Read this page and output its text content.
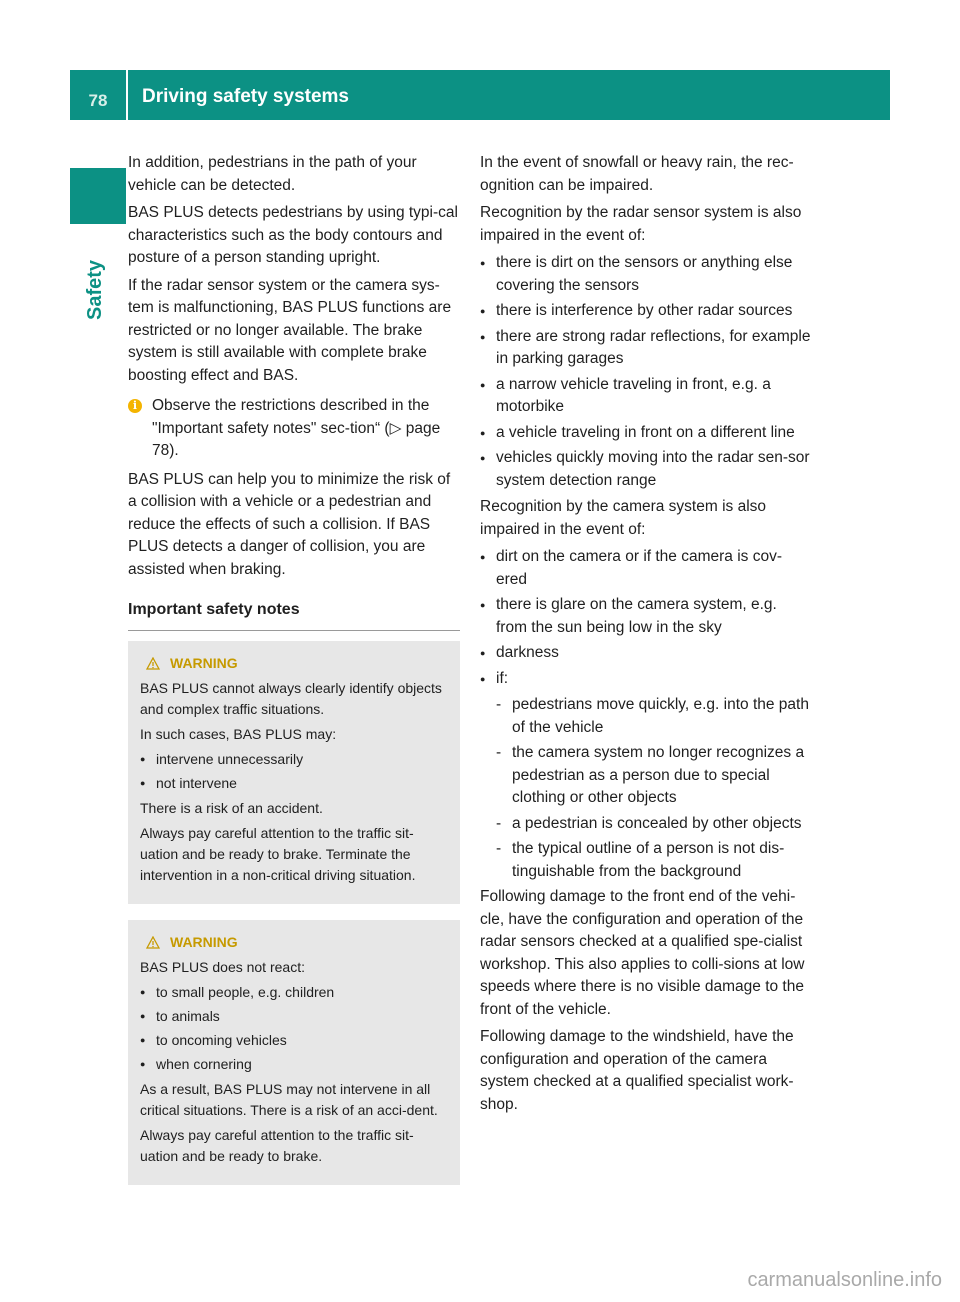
78	Driving safety systems
Safety

In addition, pedestrians in the path of your vehicle can be detected.

BAS PLUS detects pedestrians by using typi-cal characteristics such as the body contours and posture of a person standing upright.

If the radar sensor system or the camera sys-tem is malfunctioning, BAS PLUS functions are restricted or no longer available. The brake system is still available with complete brake boosting effect and BAS.

i Observe the restrictions described in the "Important safety notes" sec-tion“ (▷ page 78).

BAS PLUS can help you to minimize the risk of a collision with a vehicle or a pedestrian and reduce the effects of such a collision. If BAS PLUS detects a danger of collision, you are assisted when braking.

Important safety notes
WARNING

BAS PLUS cannot always clearly identify objects and complex traffic situations.

In such cases, BAS PLUS may:

● intervene unnecessarily
● not intervene

There is a risk of an accident.

Always pay careful attention to the traffic sit-uation and be ready to brake. Terminate the intervention in a non-critical driving situation.

WARNING

BAS PLUS does not react:

● to small people, e.g. children
● to animals
● to oncoming vehicles
● when cornering

As a result, BAS PLUS may not intervene in all critical situations. There is a risk of an acci-dent.

Always pay careful attention to the traffic sit-uation and be ready to brake.

In the event of snowfall or heavy rain, the rec-ognition can be impaired.

Recognition by the radar sensor system is also impaired in the event of:

● there is dirt on the sensors or anything else covering the sensors
● there is interference by other radar sources
● there are strong radar reflections, for example in parking garages
● a narrow vehicle traveling in front, e.g. a motorbike
● a vehicle traveling in front on a different line
● vehicles quickly moving into the radar sen-sor system detection range

Recognition by the camera system is also impaired in the event of:

● dirt on the camera or if the camera is cov-ered
● there is glare on the camera system, e.g. from the sun being low in the sky
● darkness
● if:
- pedestrians move quickly, e.g. into the path of the vehicle
- the camera system no longer recognizes a pedestrian as a person due to special clothing or other objects
- a pedestrian is concealed by other objects
- the typical outline of a person is not dis-tinguishable from the background

Following damage to the front end of the vehi-cle, have the configuration and operation of the radar sensors checked at a qualified spe-cialist workshop. This also applies to colli-sions at low speeds where there is no visible damage to the front of the vehicle.

Following damage to the windshield, have the configuration and operation of the camera system checked at a qualified specialist work-shop.

carmanualsonline.info
